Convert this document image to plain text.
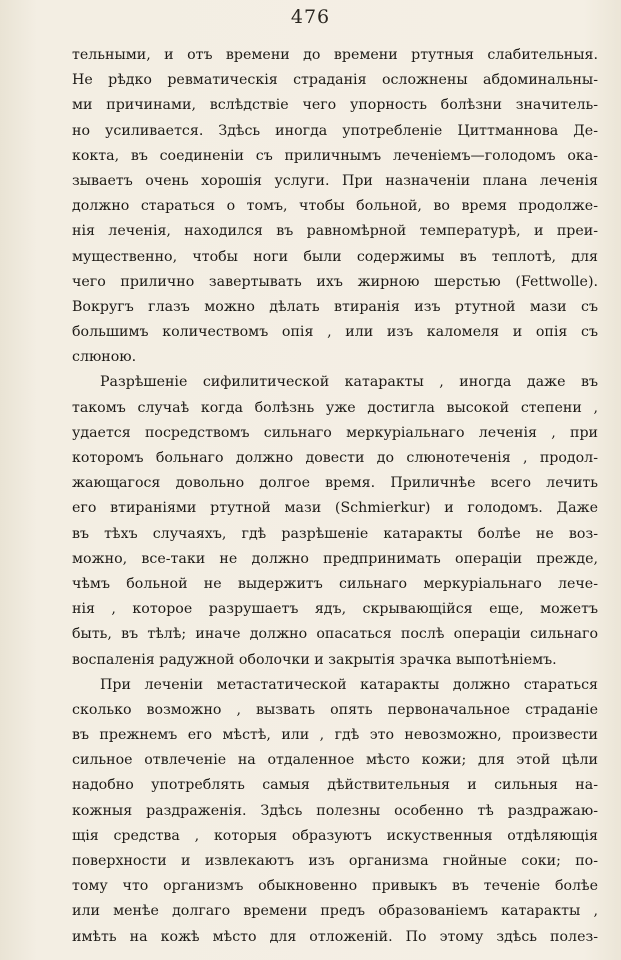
476
тельными, и отъ времени до времени ртутныя слабительныя.
Не рѣдко ревматическія страданія осложнены абдоминальны-
ми причинами, вслѣдствіе чего упорность болѣзни значитель-
но усиливается. Здѣсь иногда употребленіе Циттманнова Де-
кокта, въ соединеніи съ приличнымъ леченіемъ—голодомъ ока-
зываетъ очень хорошія услуги. При назначеніи плана леченія
должно стараться о томъ, чтобы больной, во время продолже-
нія леченія, находился въ равномѣрной температурѣ, и преи-
мущественно, чтобы ноги были содержимы въ теплотѣ, для
чего прилично завертывать ихъ жирною шерстью (Fettwolle).
Вокругъ глазъ можно дѣлать втиранія изъ ртутной мази съ
большимъ количествомъ опія , или изъ каломеля и опія съ
слюною.
Разрѣшеніе сифилитической катаракты , иногда даже въ
такомъ случаѣ когда болѣзнь уже достигла высокой степени ,
удается посредствомъ сильнаго меркуріальнаго леченія , при
которомъ больнаго должно довести до слюнотеченія , продол-
жающагося довольно долгое время. Приличнѣе всего лечить
его втираніями ртутной мази (Schmierkur) и голодомъ. Даже
въ тѣхъ случаяхъ, гдѣ разрѣшеніе катаракты болѣе не воз-
можно, все-таки не должно предпринимать операціи прежде,
чѣмъ больной не выдержитъ сильнаго меркуріальнаго лече-
нія , которое разрушаетъ ядъ, скрывающійся еще, можетъ
быть, въ тѣлѣ; иначе должно опасаться послѣ операціи сильнаго
воспаленія радужной оболочки и закрытія зрачка выпотѣніемъ.
При леченіи метастатической катаракты должно стараться
сколько возможно , вызвать опять первоначальное страданіе
въ прежнемъ его мѣстѣ, или , гдѣ это невозможно, произвести
сильное отвлеченіе на отдаленное мѣсто кожи; для этой цѣли
надобно употреблять самыя дѣйствительныя и сильныя на-
кожныя раздраженія. Здѣсь полезны особенно тѣ раздражаю-
щія средства , которыя образуютъ искуственныя отдѣляющія
поверхности и извлекаютъ изъ организма гнойные соки; по-
тому что организмъ обыкновенно привыкъ въ теченіе болѣе
или менѣе долгаго времени предъ образованіемъ катаракты ,
имѣть на кожѣ мѣсто для отложеній. По этому здѣсь полез-
